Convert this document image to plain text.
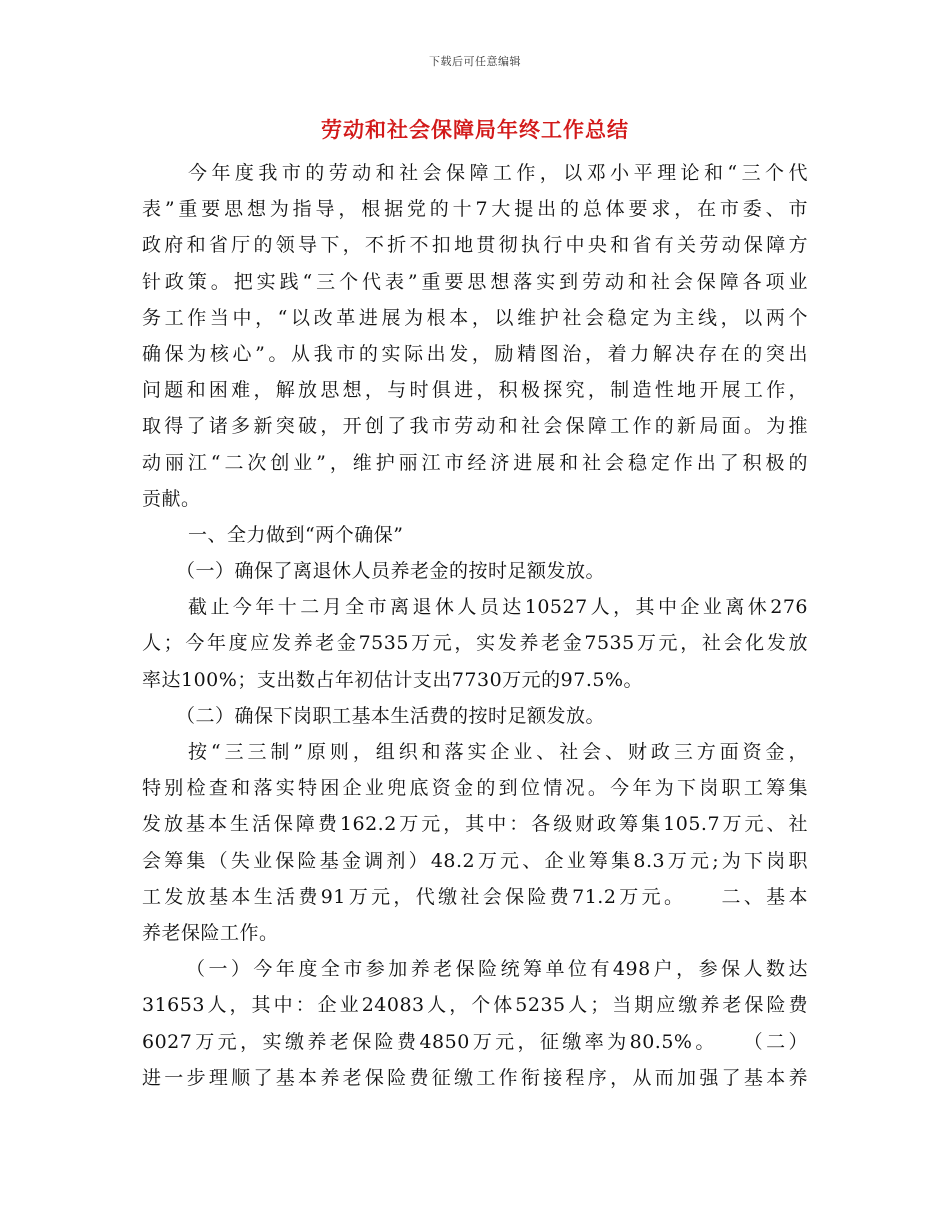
下载后可任意编辑
劳动和社会保障局年终工作总结
今年度我市的劳动和社会保障工作，以邓小平理论和“三个代
表”重要思想为指导，根据党的十7大提出的总体要求，在市委、市
政府和省厅的领导下，不折不扣地贯彻执行中央和省有关劳动保障方
针政策。把实践“三个代表”重要思想落实到劳动和社会保障各项业
务工作当中，“以改革进展为根本，以维护社会稳定为主线，以两个
确保为核心”。从我市的实际出发，励精图治，着力解决存在的突出
问题和困难，解放思想，与时俱进，积极探究，制造性地开展工作，
取得了诸多新突破，开创了我市劳动和社会保障工作的新局面。为推
动丽江“二次创业”，维护丽江市经济进展和社会稳定作出了积极的
贡献。
一、全力做到“两个确保”
（一）确保了离退休人员养老金的按时足额发放。
截止今年十二月全市离退休人员达10527人，其中企业离休276
人；今年度应发养老金7535万元，实发养老金7535万元，社会化发放
率达100%；支出数占年初估计支出7730万元的97.5%。
（二）确保下岗职工基本生活费的按时足额发放。
按“三三制”原则，组织和落实企业、社会、财政三方面资金，
特别检查和落实特困企业兜底资金的到位情况。今年为下岗职工筹集
发放基本生活保障费162.2万元，其中：各级财政筹集105.7万元、社
会筹集（失业保险基金调剂）48.2万元、企业筹集8.3万元;为下岗职
工发放基本生活费91万元，代缴社会保险费71.2万元。　　二、基本
养老保险工作。
（一）今年度全市参加养老保险统筹单位有498户，参保人数达
31653人，其中：企业24083人，个体5235人；当期应缴养老保险费
6027万元，实缴养老保险费4850万元，征缴率为80.5%。　　（二）
进一步理顺了基本养老保险费征缴工作衔接程序，从而加强了基本养
